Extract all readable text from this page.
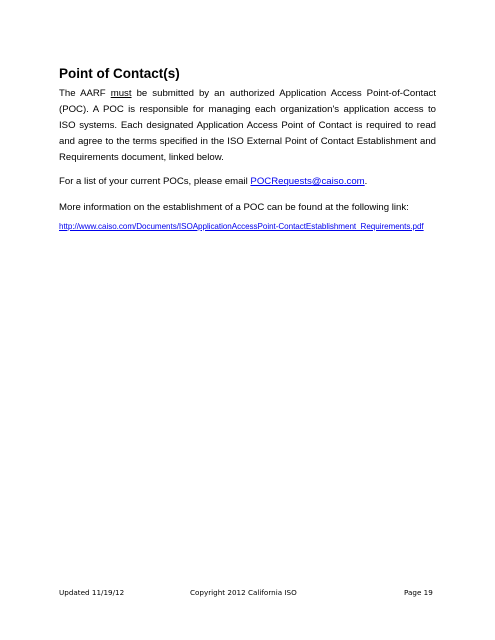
Point of Contact(s)

The AARF must be submitted by an authorized Application Access Point-of-Contact (POC). A POC is responsible for managing each organization's application access to ISO systems. Each designated Application Access Point of Contact is required to read and agree to the terms specified in the ISO External Point of Contact Establishment and Requirements document, linked below.

For a list of your current POCs, please email POCRequests@caiso.com.

More information on the establishment of a POC can be found at the following link:

http://www.caiso.com/Documents/ISOApplicationAccessPoint-ContactEstablishment_Requirements.pdf

Updated 11/19/12	Copyright 2012 California ISO	Page 19
